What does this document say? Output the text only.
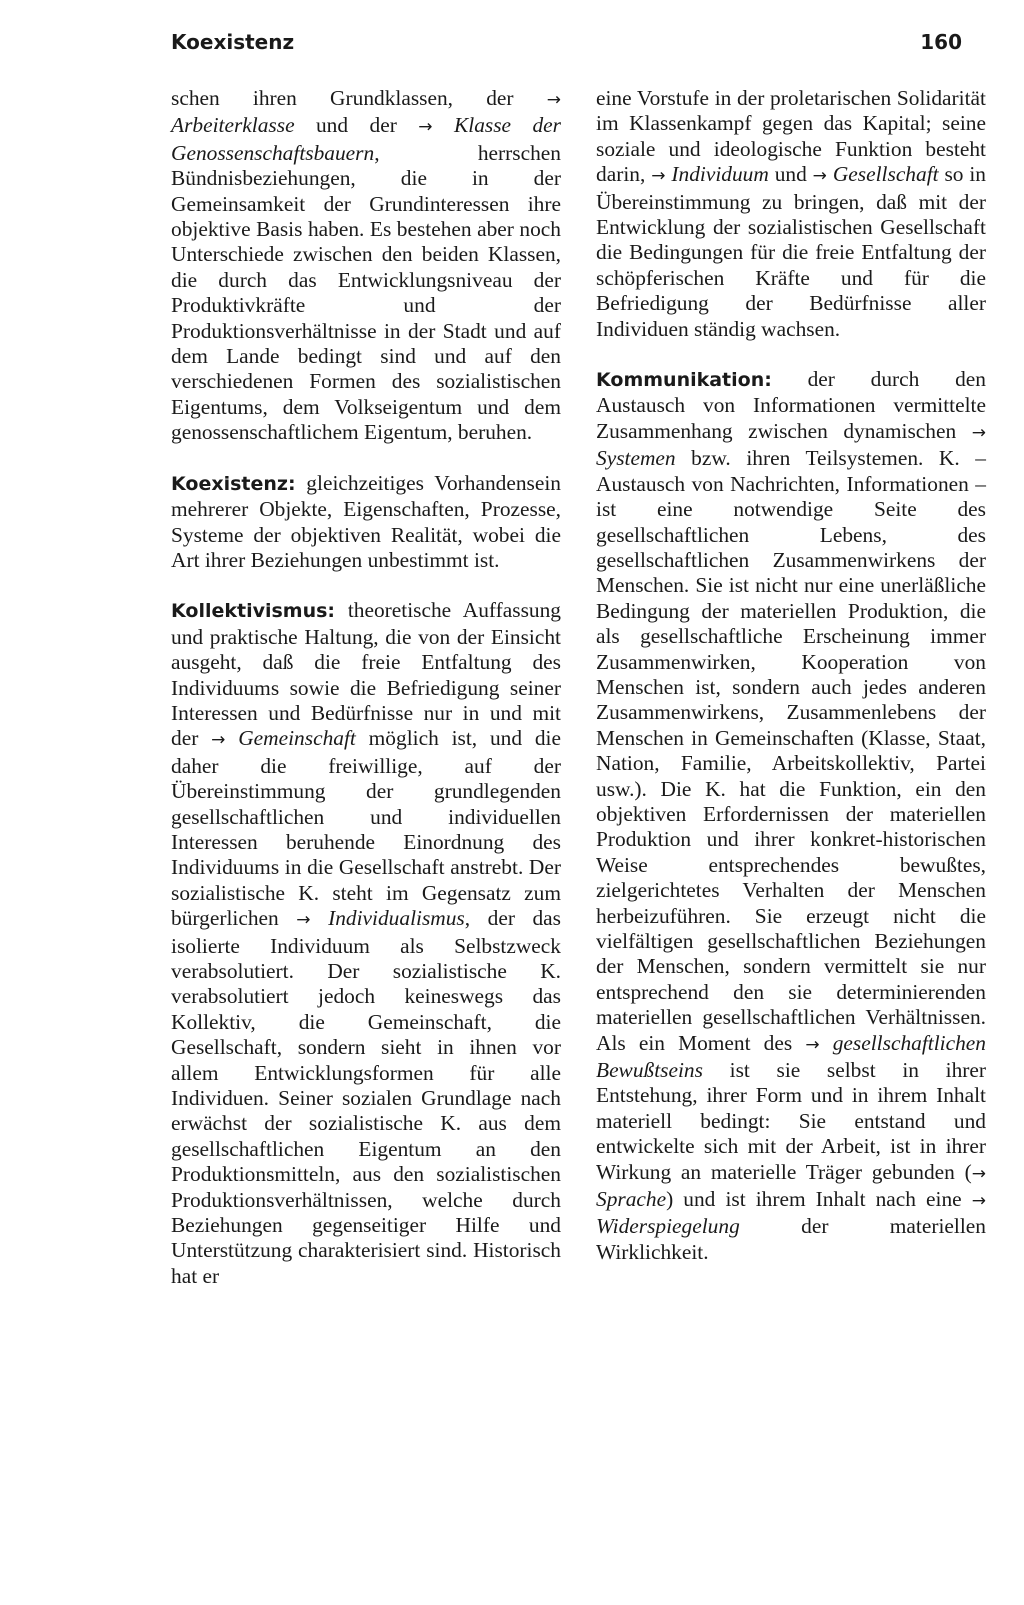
Koexistenz	160

schen ihren Grundklassen, der → Arbeiterklasse und der → Klasse der Genossenschaftsbauern, herrschen Bündnisbeziehungen, die in der Gemeinsamkeit der Grundinteressen ihre objektive Basis haben. Es bestehen aber noch Unterschiede zwischen den beiden Klassen, die durch das Entwicklungsniveau der Produktivkräfte und der Produktionsverhältnisse in der Stadt und auf dem Lande bedingt sind und auf den verschiedenen Formen des sozialistischen Eigentums, dem Volkseigentum und dem genossenschaftlichem Eigentum, beruhen.

Koexistenz: gleichzeitiges Vorhandensein mehrerer Objekte, Eigenschaften, Prozesse, Systeme der objektiven Realität, wobei die Art ihrer Beziehungen unbestimmt ist.

Kollektivismus: theoretische Auffassung und praktische Haltung, die von der Einsicht ausgeht, daß die freie Entfaltung des Individuums sowie die Befriedigung seiner Interessen und Bedürfnisse nur in und mit der → Gemeinschaft möglich ist, und die daher die freiwillige, auf der Übereinstimmung der grundlegenden gesellschaftlichen und individuellen Interessen beruhende Einordnung des Individuums in die Gesellschaft anstrebt. Der sozialistische K. steht im Gegensatz zum bürgerlichen → Individualismus, der das isolierte Individuum als Selbstzweck verabsolutiert. Der sozialistische K. verabsolutiert jedoch keineswegs das Kollektiv, die Gemeinschaft, die Gesellschaft, sondern sieht in ihnen vor allem Entwicklungsformen für alle Individuen. Seiner sozialen Grundlage nach erwächst der sozialistische K. aus dem gesellschaftlichen Eigentum an den Produktionsmitteln, aus den sozialistischen Produktionsverhältnissen, welche durch Beziehungen gegenseitiger Hilfe und Unterstützung charakterisiert sind. Historisch hat er

eine Vorstufe in der proletarischen Solidarität im Klassenkampf gegen das Kapital; seine soziale und ideologische Funktion besteht darin, → Individuum und → Gesellschaft so in Übereinstimmung zu bringen, daß mit der Entwicklung der sozialistischen Gesellschaft die Bedingungen für die freie Entfaltung der schöpferischen Kräfte und für die Befriedigung der Bedürfnisse aller Individuen ständig wachsen.

Kommunikation: der durch den Austausch von Informationen vermittelte Zusammenhang zwischen dynamischen → Systemen bzw. ihren Teilsystemen. K. – Austausch von Nachrichten, Informationen – ist eine notwendige Seite des gesellschaftlichen Lebens, des gesellschaftlichen Zusammenwirkens der Menschen. Sie ist nicht nur eine unerläßliche Bedingung der materiellen Produktion, die als gesellschaftliche Erscheinung immer Zusammenwirken, Kooperation von Menschen ist, sondern auch jedes anderen Zusammenwirkens, Zusammenlebens der Menschen in Gemeinschaften (Klasse, Staat, Nation, Familie, Arbeitskollektiv, Partei usw.). Die K. hat die Funktion, ein den objektiven Erfordernissen der materiellen Produktion und ihrer konkret-historischen Weise entsprechendes bewußtes, zielgerichtetes Verhalten der Menschen herbeizuführen. Sie erzeugt nicht die vielfältigen gesellschaftlichen Beziehungen der Menschen, sondern vermittelt sie nur entsprechend den sie determinierenden materiellen gesellschaftlichen Verhältnissen. Als ein Moment des → gesellschaftlichen Bewußtseins ist sie selbst in ihrer Entstehung, ihrer Form und in ihrem Inhalt materiell bedingt: Sie entstand und entwickelte sich mit der Arbeit, ist in ihrer Wirkung an materielle Träger gebunden (→ Sprache) und ist ihrem Inhalt nach eine → Widerspiegelung der materiellen Wirklichkeit.
